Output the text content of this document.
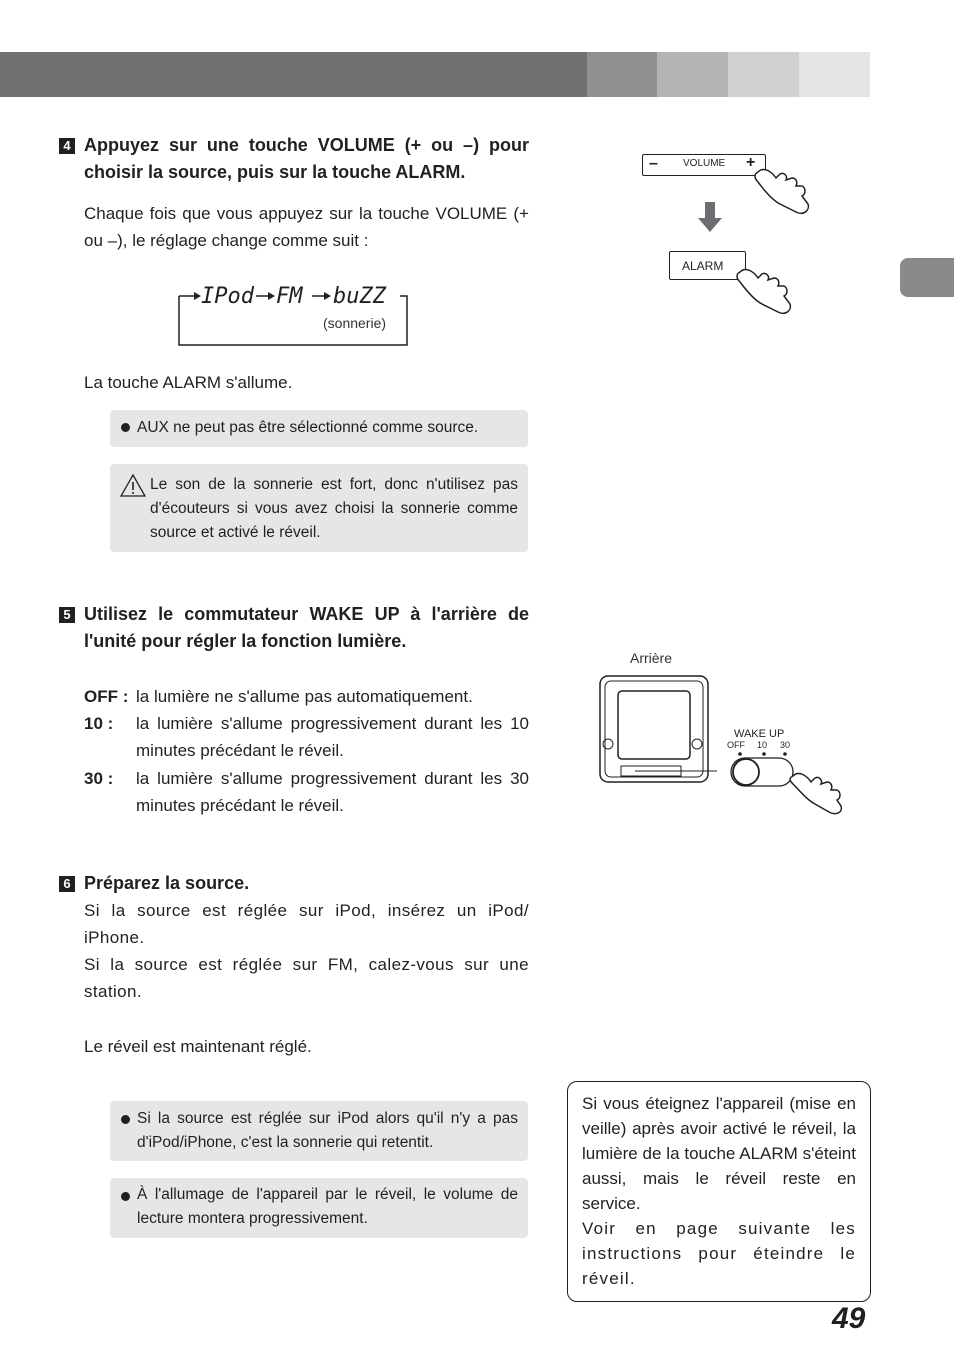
4 Appuyez sur une touche VOLUME (+ ou –) pour choisir la source, puis sur la touche ALARM.
Chaque fois que vous appuyez sur la touche VOLUME (+ ou –), le réglage change comme suit :
IPod FM buZZ
(sonnerie)
La touche ALARM s'allume.
AUX ne peut pas être sélectionné comme source.
Le son de la sonnerie est fort, donc n'utilisez pas d'écouteurs si vous avez choisi la sonnerie comme source et activé le réveil.
–	VOLUME +
ALARM
5 Utilisez le commutateur WAKE UP à l'arrière de l'unité pour régler la fonction lumière.
OFF : la lumière ne s'allume pas automatiquement.
10 : la lumière s'allume progressivement durant les 10 minutes précédant le réveil.
30 : la lumière s'allume progressivement durant les 30 minutes précédant le réveil.
Arrière
WAKE UP
OFF 10 30
6 Préparez la source.
Si la source est réglée sur iPod, insérez un iPod/ iPhone.
Si la source est réglée sur FM, calez-vous sur une station.
Le réveil est maintenant réglé.
Si la source est réglée sur iPod alors qu'il n'y a pas d'iPod/iPhone, c'est la sonnerie qui retentit.
À l'allumage de l'appareil par le réveil, le volume de lecture montera progressivement.
Si vous éteignez l'appareil (mise en veille) après avoir activé le réveil, la lumière de la touche ALARM s'éteint aussi, mais le réveil reste en service.
Voir en page suivante les instructions pour éteindre le réveil.
49
